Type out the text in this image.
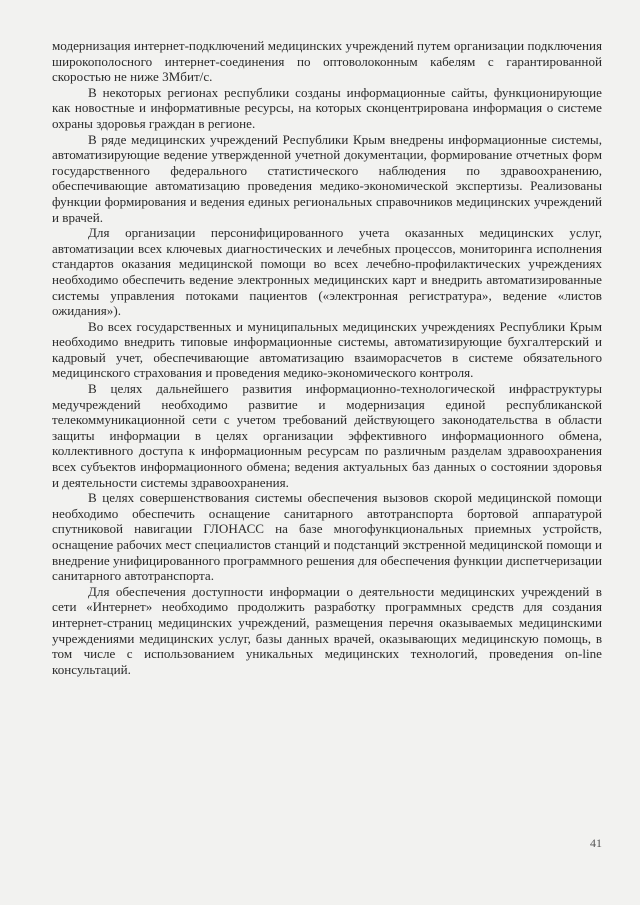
модернизация интернет-подключений медицинских учреждений путем организации подключения широкополосного интернет-соединения по оптоволоконным кабелям с гарантированной скоростью не ниже 3Мбит/с.

В некоторых регионах республики созданы информационные сайты, функционирующие как новостные и информативные ресурсы, на которых сконцентрирована информация о системе охраны здоровья граждан в регионе.

В ряде медицинских учреждений Республики Крым внедрены информационные системы, автоматизирующие ведение утвержденной учетной документации, формирование отчетных форм государственного федерального статистического наблюдения по здравоохранению, обеспечивающие автоматизацию проведения медико-экономической экспертизы. Реализованы функции формирования и ведения единых региональных справочников медицинских учреждений и врачей.

Для организации персонифицированного учета оказанных медицинских услуг, автоматизации всех ключевых диагностических и лечебных процессов, мониторинга исполнения стандартов оказания медицинской помощи во всех лечебно-профилактических учреждениях необходимо обеспечить ведение электронных медицинских карт и внедрить автоматизированные системы управления потоками пациентов («электронная регистратура», ведение «листов ожидания»).

Во всех государственных и муниципальных медицинских учреждениях Республики Крым необходимо внедрить типовые информационные системы, автоматизирующие бухгалтерский и кадровый учет, обеспечивающие автоматизацию взаиморасчетов в системе обязательного медицинского страхования и проведения медико-экономического контроля.

В целях дальнейшего развития информационно-технологической инфраструктуры медучреждений необходимо развитие и модернизация единой республиканской телекоммуникационной сети с учетом требований действующего законодательства в области защиты информации в целях организации эффективного информационного обмена, коллективного доступа к информационным ресурсам по различным разделам здравоохранения всех субъектов информационного обмена; ведения актуальных баз данных о состоянии здоровья и деятельности системы здравоохранения.

В целях совершенствования системы обеспечения вызовов скорой медицинской помощи необходимо обеспечить оснащение санитарного автотранспорта бортовой аппаратурой спутниковой навигации ГЛОНАСС на базе многофункциональных приемных устройств, оснащение рабочих мест специалистов станций и подстанций экстренной медицинской помощи и внедрение унифицированного программного решения для обеспечения функции диспетчеризации санитарного автотранспорта.

Для обеспечения доступности информации о деятельности медицинских учреждений в сети «Интернет» необходимо продолжить разработку программных средств для создания интернет-страниц медицинских учреждений, размещения перечня оказываемых медицинскими учреждениями медицинских услуг, базы данных врачей, оказывающих медицинскую помощь, в том числе с использованием уникальных медицинских технологий, проведения on-line консультаций.

41
